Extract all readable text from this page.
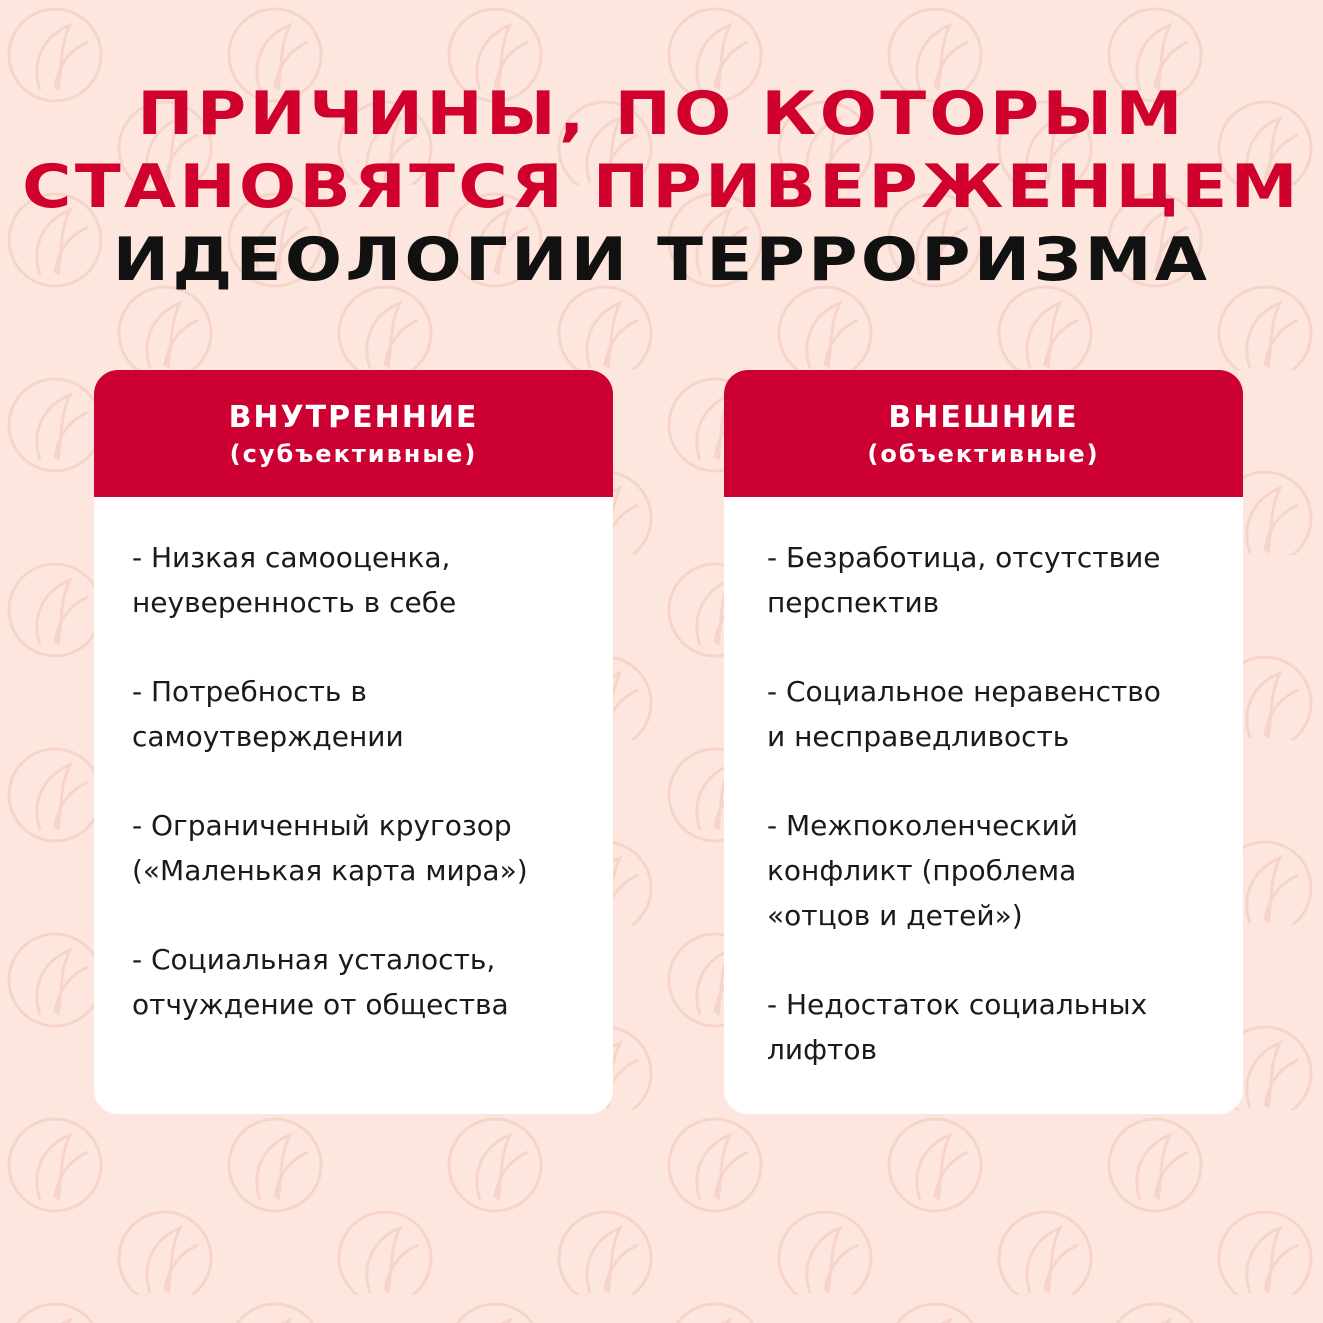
ПРИЧИНЫ, ПО КОТОРЫМ
СТАНОВЯТСЯ ПРИВЕРЖЕНЦЕМ
ИДЕОЛОГИИ ТЕРРОРИЗМА
ВНУТРЕННИЕ
(субъективные)

- Низкая самооценка,
неуверенность в себе

- Потребность в
самоутверждении

- Ограниченный кругозор
(«Маленькая карта мира»)

- Социальная усталость,
отчуждение от общества

ВНЕШНИЕ
(объективные)

- Безработица, отсутствие
перспектив

- Социальное неравенство
и несправедливость

- Межпоколенческий
конфликт (проблема
«отцов и детей»)

- Недостаток социальных
лифтов
